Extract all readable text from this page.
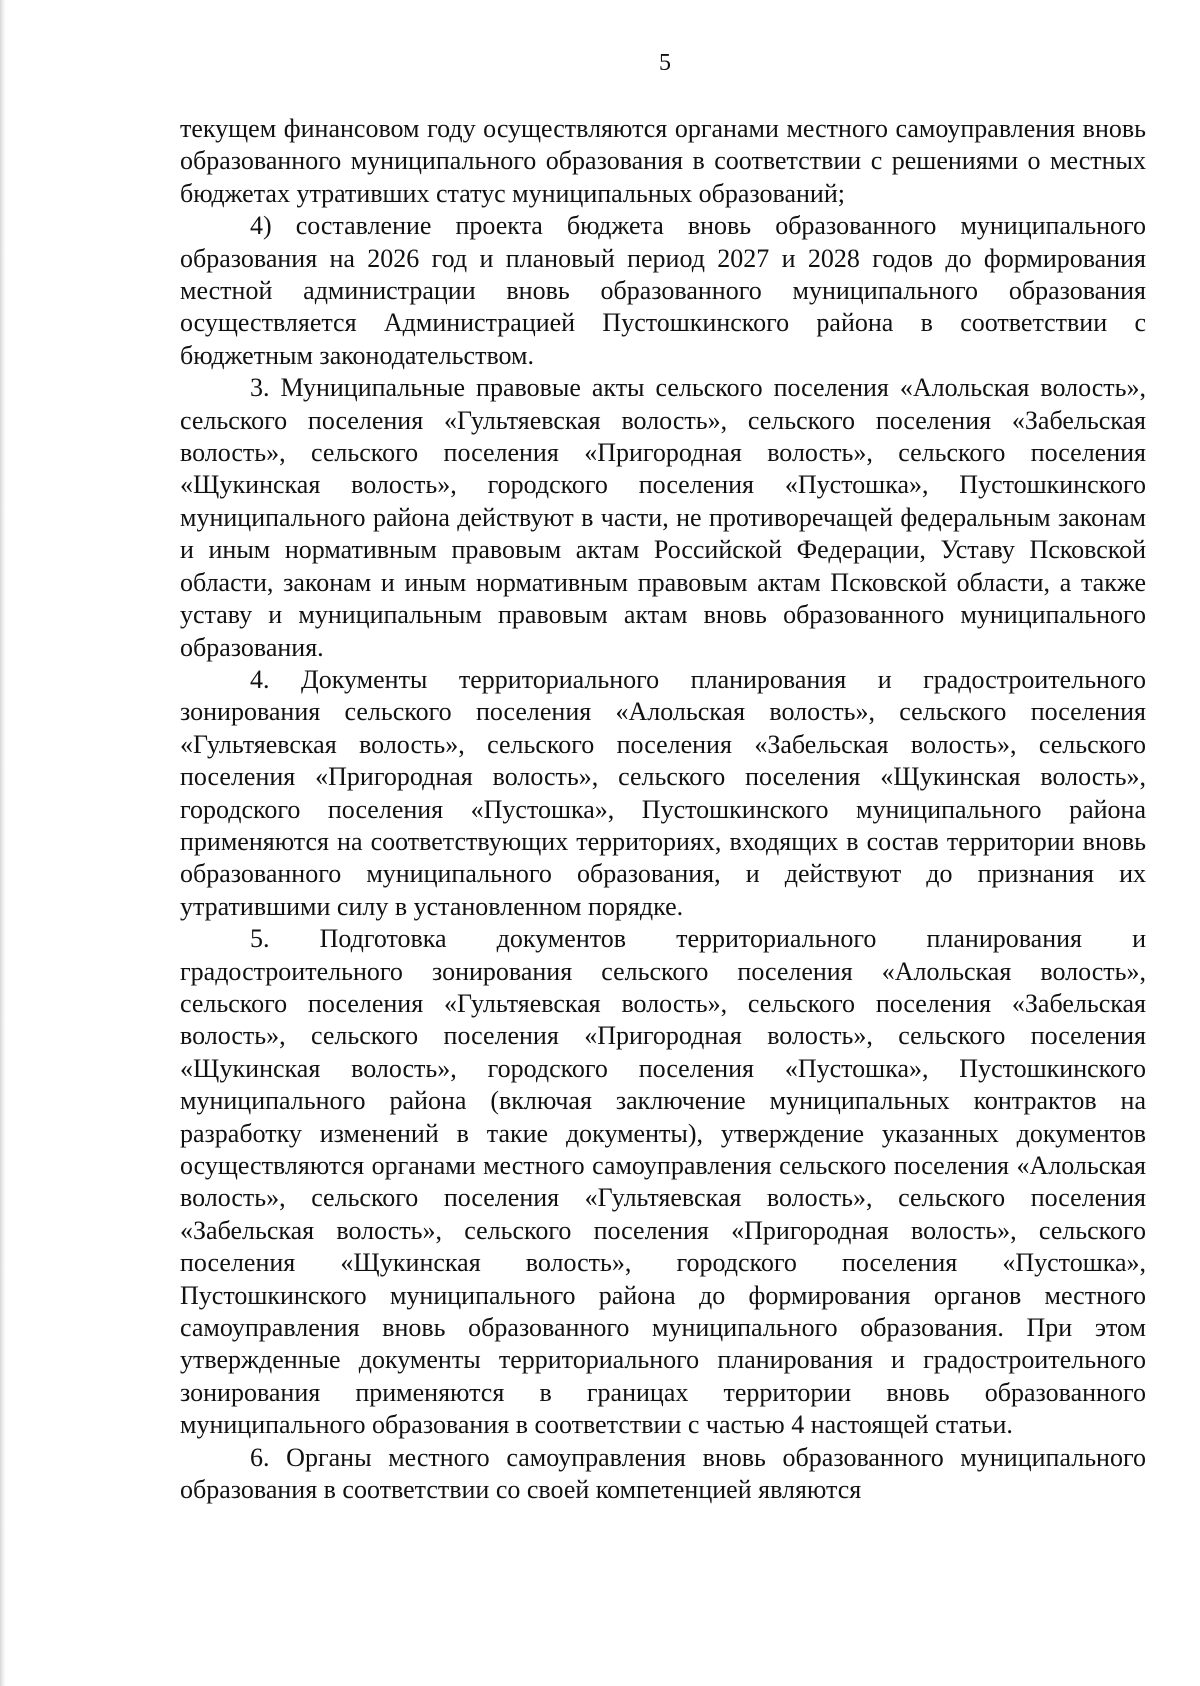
5

текущем финансовом году осуществляются органами местного самоуправления вновь образованного муниципального образования в соответствии с решениями о местных бюджетах утративших статус муниципальных образований;

4) составление проекта бюджета вновь образованного муниципального образования на 2026 год и плановый период 2027 и 2028 годов до формирования местной администрации вновь образованного муниципального образования осуществляется Администрацией Пустошкинского района в соответствии с бюджетным законодательством.

3. Муниципальные правовые акты сельского поселения «Алольская волость», сельского поселения «Гультяевская волость», сельского поселения «Забельская волость», сельского поселения «Пригородная волость», сельского поселения «Щукинская волость», городского поселения «Пустошка», Пустошкинского муниципального района действуют в части, не противоречащей федеральным законам и иным нормативным правовым актам Российской Федерации, Уставу Псковской области, законам и иным нормативным правовым актам Псковской области, а также уставу и муниципальным правовым актам вновь образованного муниципального образования.

4. Документы территориального планирования и градостроительного зонирования сельского поселения «Алольская волость», сельского поселения «Гультяевская волость», сельского поселения «Забельская волость», сельского поселения «Пригородная волость», сельского поселения «Щукинская волость», городского поселения «Пустошка», Пустошкинского муниципального района применяются на соответствующих территориях, входящих в состав территории вновь образованного муниципального образования, и действуют до признания их утратившими силу в установленном порядке.

5. Подготовка документов территориального планирования и градостроительного зонирования сельского поселения «Алольская волость», сельского поселения «Гультяевская волость», сельского поселения «Забельская волость», сельского поселения «Пригородная волость», сельского поселения «Щукинская волость», городского поселения «Пустошка», Пустошкинского муниципального района (включая заключение муниципальных контрактов на разработку изменений в такие документы), утверждение указанных документов осуществляются органами местного самоуправления сельского поселения «Алольская волость», сельского поселения «Гультяевская волость», сельского поселения «Забельская волость», сельского поселения «Пригородная волость», сельского поселения «Щукинская волость», городского поселения «Пустошка», Пустошкинского муниципального района до формирования органов местного самоуправления вновь образованного муниципального образования. При этом утвержденные документы территориального планирования и градостроительного зонирования применяются в границах территории вновь образованного муниципального образования в соответствии с частью 4 настоящей статьи.

6. Органы местного самоуправления вновь образованного муниципального образования в соответствии со своей компетенцией являются
